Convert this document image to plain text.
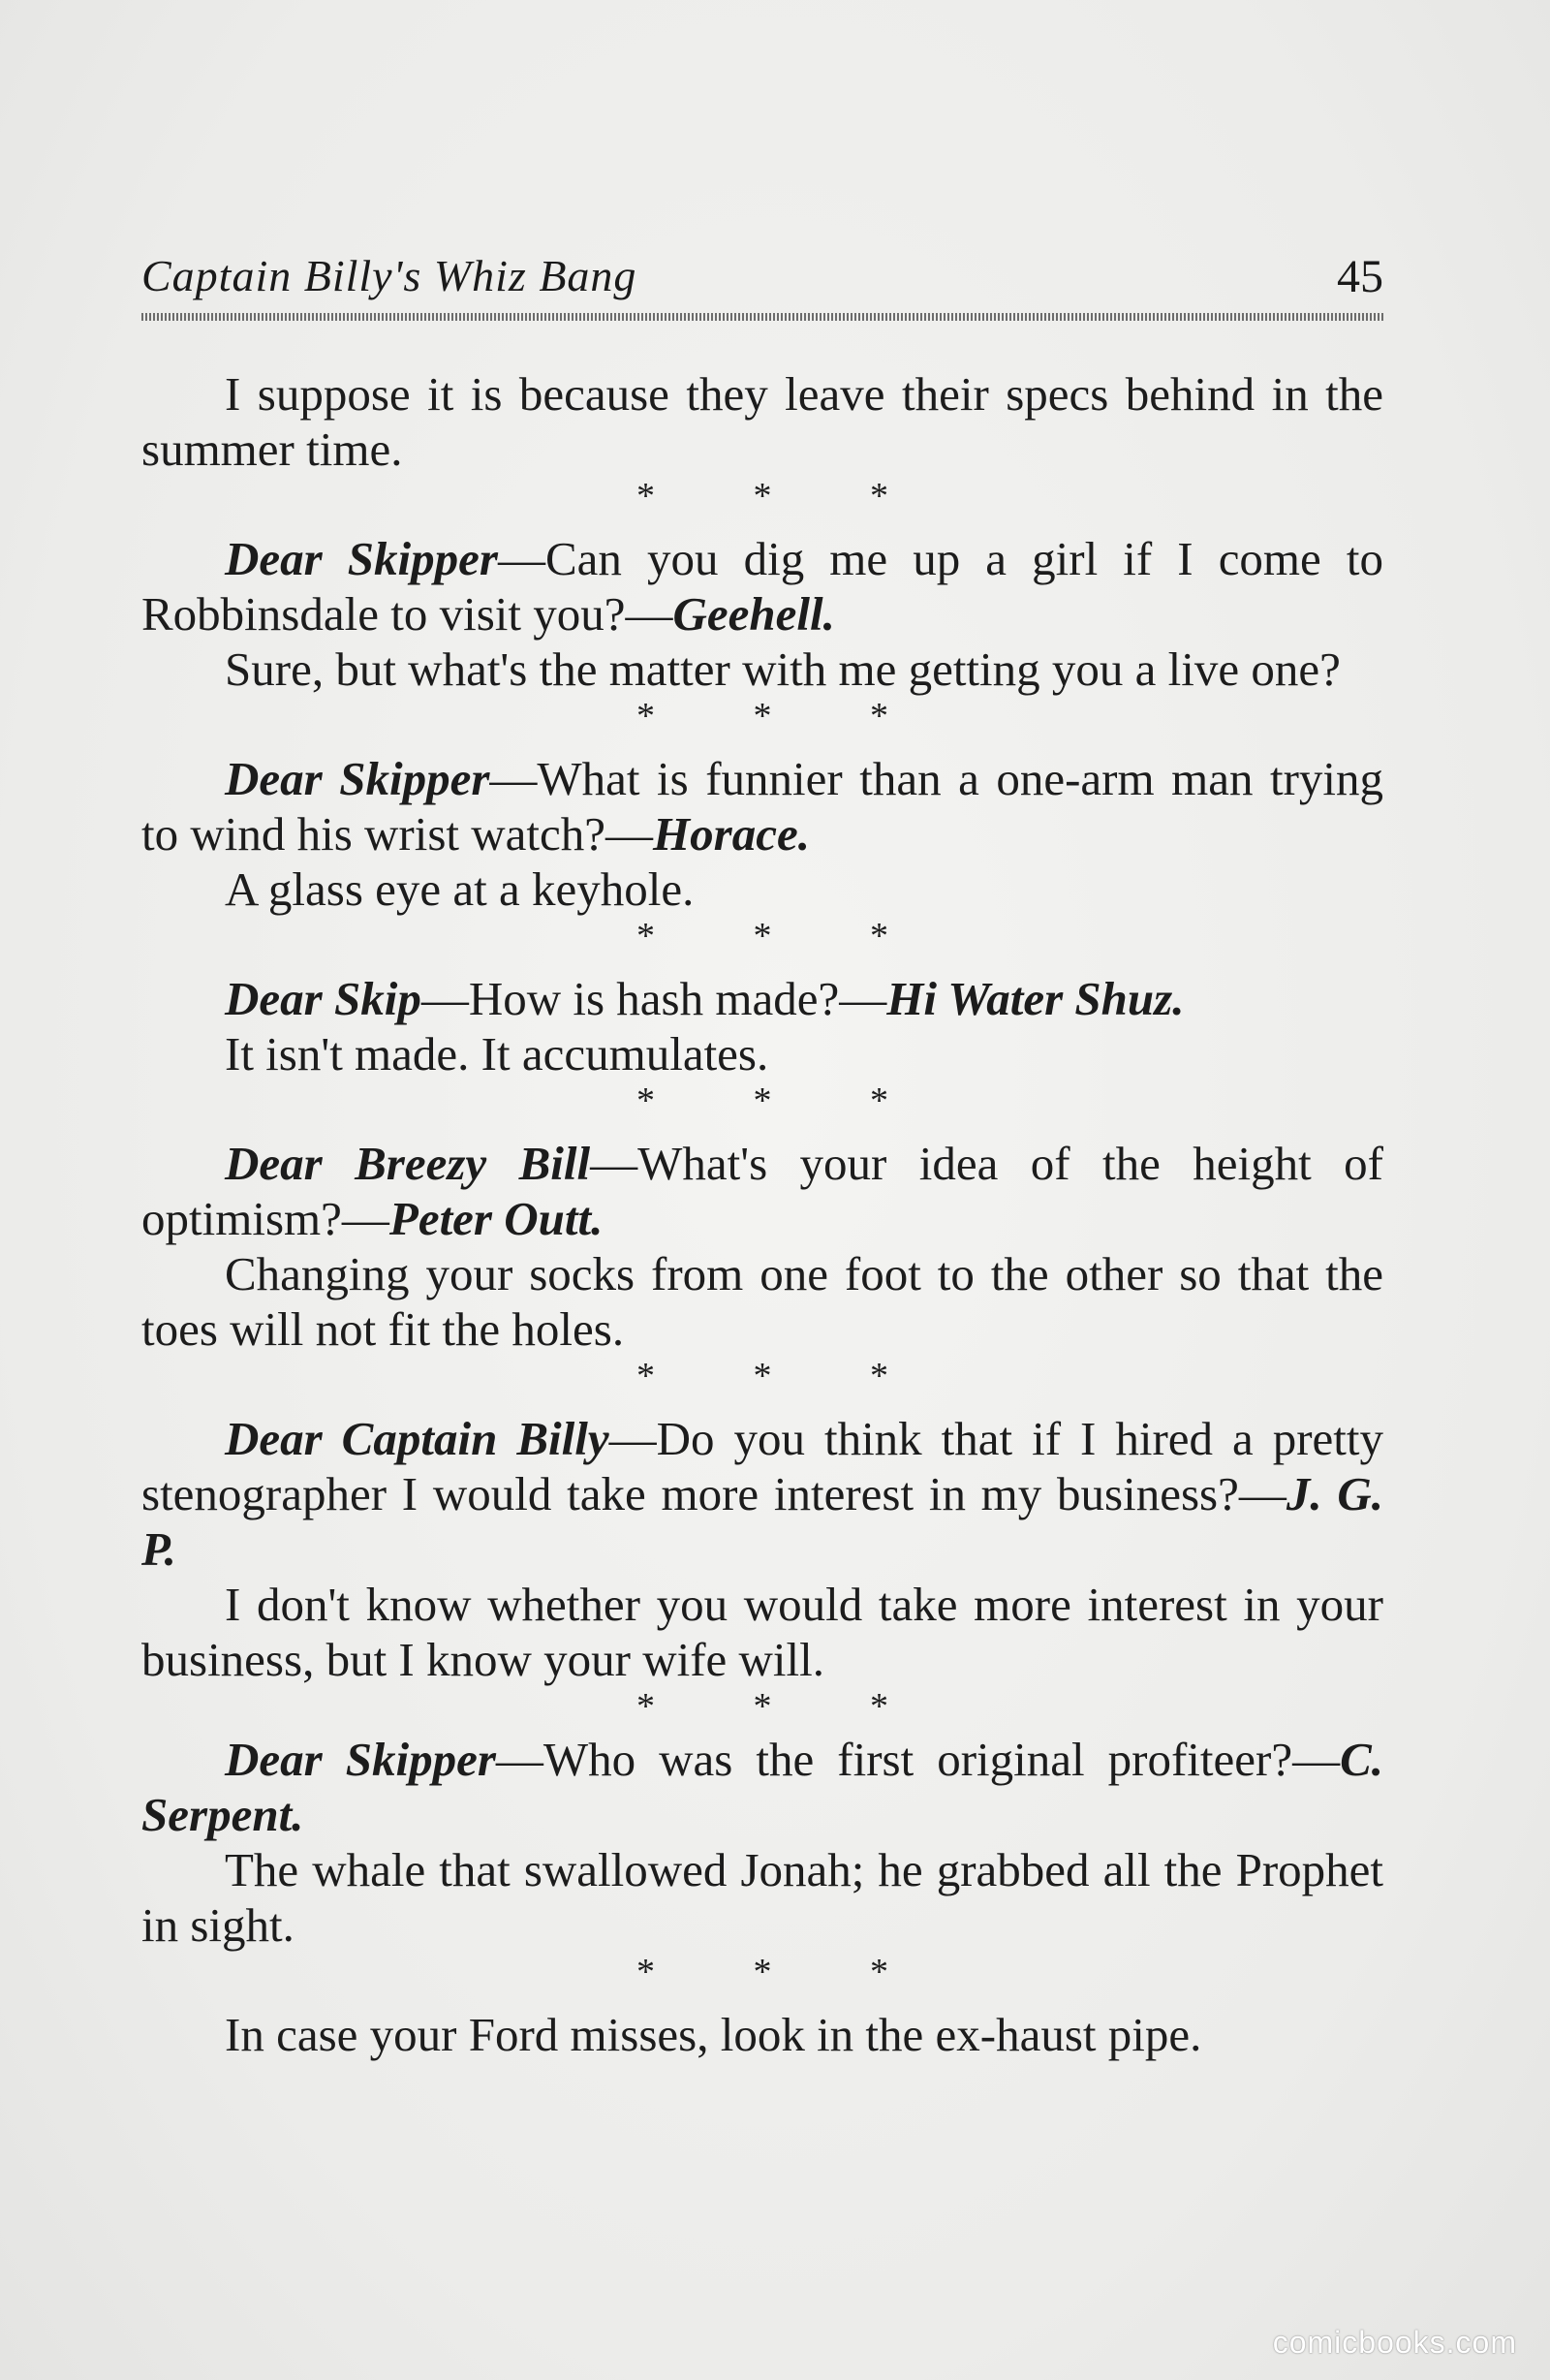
Captain Billy's Whiz Bang	45

I suppose it is because they leave their specs behind in the summer time.

* * *

Dear Skipper—Can you dig me up a girl if I come to Robbinsdale to visit you?—Geehell.

Sure, but what's the matter with me getting you a live one?

* * *

Dear Skipper—What is funnier than a one-arm man trying to wind his wrist watch?—Horace.

A glass eye at a keyhole.

* * *

Dear Skip—How is hash made?—Hi Water Shuz.

It isn't made. It accumulates.

* * *

Dear Breezy Bill—What's your idea of the height of optimism?—Peter Outt.

Changing your socks from one foot to the other so that the toes will not fit the holes.

* * *

Dear Captain Billy—Do you think that if I hired a pretty stenographer I would take more interest in my business?—J. G. P.

I don't know whether you would take more interest in your business, but I know your wife will.

* * *

Dear Skipper—Who was the first original profiteer?—C. Serpent.

The whale that swallowed Jonah; he grabbed all the Prophet in sight.

* * *

In case your Ford misses, look in the ex-haust pipe.

comicbooks.com
